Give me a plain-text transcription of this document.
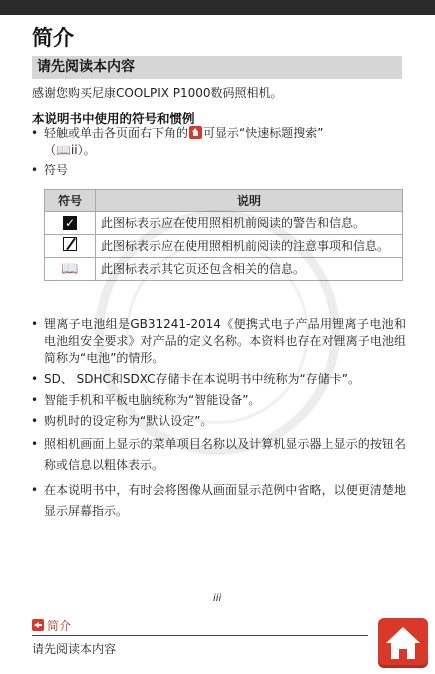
简介
请先阅读本内容
感谢您购买尼康COOLPIX P1000数码照相机。
本说明书中使用的符号和惯例
• 轻触或单击各页面右下角的 可显示“快速标题搜索”
（📖ii）。
• 符号
符号	说明
✓	此图标表示应在使用照相机前阅读的警告和信息。
	此图标表示应在使用照相机前阅读的注意事项和信息。
📖	此图标表示其它页还包含相关的信息。
• 锂离子电池组是GB31241-2014《便携式电子产品用锂离子电池和电池组安全要求》对产品的定义名称。本资料也存在对锂离子电池组简称为“电池”的情形。
• SD、 SDHC和SDXC存储卡在本说明书中统称为“存储卡”。
• 智能手机和平板电脑统称为“智能设备”。
• 购机时的设定称为“默认设定”。
• 照相机画面上显示的菜单项目名称以及计算机显示器上显示的按钮名称或信息以粗体表示。
• 在本说明书中，有时会将图像从画面显示范例中省略，以便更清楚地显示屏幕指示。
iii
简介
请先阅读本内容
